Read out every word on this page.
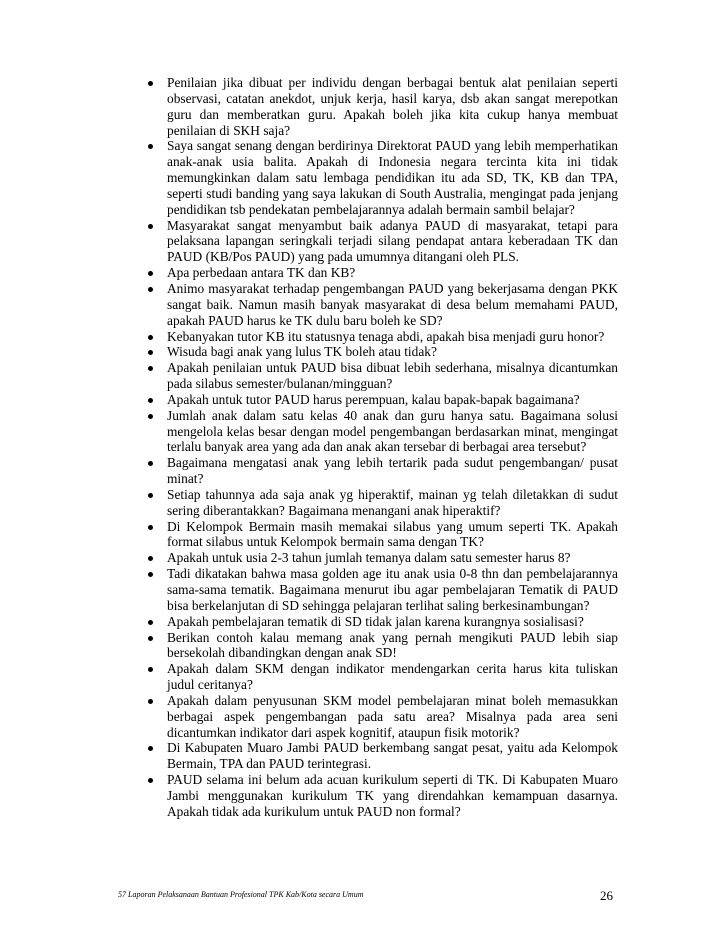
Penilaian jika dibuat per individu dengan berbagai bentuk alat penilaian seperti observasi, catatan anekdot, unjuk kerja, hasil karya, dsb akan sangat merepotkan guru dan memberatkan guru. Apakah boleh jika kita cukup hanya membuat penilaian di SKH saja?
Saya sangat senang dengan berdirinya Direktorat PAUD yang lebih memperhatikan anak-anak usia balita. Apakah di Indonesia negara tercinta kita ini tidak memungkinkan dalam satu lembaga pendidikan itu ada SD, TK, KB dan TPA, seperti studi banding yang saya lakukan di South Australia, mengingat pada jenjang pendidikan tsb pendekatan pembelajarannya adalah bermain sambil belajar?
Masyarakat sangat menyambut baik adanya PAUD di masyarakat, tetapi para pelaksana lapangan seringkali terjadi silang pendapat antara keberadaan TK dan PAUD (KB/Pos PAUD) yang pada umumnya ditangani oleh PLS.
Apa perbedaan antara TK dan KB?
Animo masyarakat terhadap pengembangan PAUD yang bekerjasama dengan PKK sangat baik. Namun masih banyak masyarakat di desa belum memahami PAUD, apakah PAUD harus ke TK dulu baru boleh ke SD?
Kebanyakan tutor KB itu statusnya tenaga abdi, apakah bisa menjadi guru honor?
Wisuda bagi anak yang lulus TK boleh atau tidak?
Apakah penilaian untuk PAUD bisa dibuat lebih sederhana, misalnya dicantumkan pada silabus semester/bulanan/mingguan?
Apakah untuk tutor PAUD harus perempuan, kalau bapak-bapak bagaimana?
Jumlah anak dalam satu kelas 40 anak dan guru hanya satu. Bagaimana solusi mengelola kelas besar dengan model pengembangan berdasarkan minat, mengingat terlalu banyak area yang ada dan anak akan tersebar di berbagai area tersebut?
Bagaimana mengatasi anak yang lebih tertarik pada sudut pengembangan/ pusat minat?
Setiap tahunnya ada saja anak yg hiperaktif, mainan yg telah diletakkan di sudut sering diberantakkan? Bagaimana menangani anak hiperaktif?
Di Kelompok Bermain masih memakai silabus yang umum seperti TK. Apakah format silabus untuk Kelompok bermain sama dengan TK?
Apakah untuk usia 2-3 tahun jumlah temanya dalam satu semester harus 8?
Tadi dikatakan bahwa masa golden age itu anak usia 0-8 thn dan pembelajarannya sama-sama tematik. Bagaimana menurut ibu agar pembelajaran Tematik di PAUD bisa berkelanjutan di SD sehingga pelajaran terlihat saling berkesinambungan?
Apakah pembelajaran tematik di SD tidak jalan karena kurangnya sosialisasi?
Berikan contoh kalau memang anak yang pernah mengikuti PAUD lebih siap bersekolah dibandingkan dengan anak SD!
Apakah dalam SKM dengan indikator mendengarkan cerita harus kita tuliskan judul ceritanya?
Apakah dalam penyusunan SKM model pembelajaran minat boleh memasukkan berbagai aspek pengembangan pada satu area? Misalnya pada area seni dicantumkan indikator dari aspek kognitif, ataupun fisik motorik?
Di Kabupaten Muaro Jambi PAUD berkembang sangat pesat, yaitu ada Kelompok Bermain, TPA dan PAUD terintegrasi.
PAUD selama ini belum ada acuan kurikulum seperti di TK. Di Kabupaten Muaro Jambi menggunakan kurikulum TK yang direndahkan kemampuan dasarnya. Apakah tidak ada kurikulum untuk PAUD non formal?
57 Laporan Pelaksanaan Bantuan Profesional TPK Kab/Kota secara Umum	26
